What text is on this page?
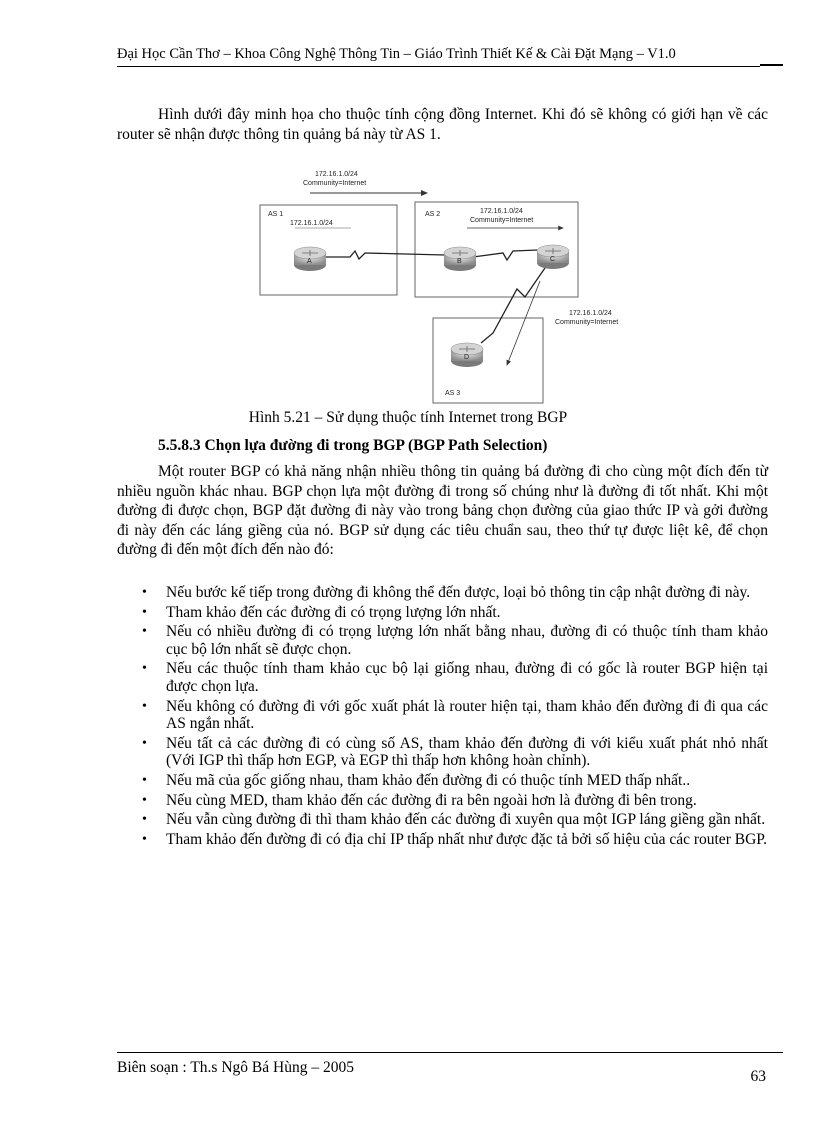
Đại Học Cần Thơ – Khoa Công Nghệ Thông Tin – Giáo Trình Thiết Kế & Cài Đặt Mạng – V1.0

Hình dưới đây minh họa cho thuộc tính cộng đồng Internet. Khi đó sẽ không có giới hạn về các router sẽ nhận được thông tin quảng bá này từ AS 1.

172.16.1.0/24
Community=Internet
AS 1
172.16.1.0/24
AS 2	172.16.1.0/24
Community=Internet
AS 3
172.16.1.0/24
Community=Internet
A	B	C
D
Hình 5.21 – Sử dụng thuộc tính Internet trong BGP
5.5.8.3 Chọn lựa đường đi trong BGP (BGP Path Selection)

Một router BGP có khả năng nhận nhiều thông tin quảng bá đường đi cho cùng một đích đến từ nhiều nguồn khác nhau. BGP chọn lựa một đường đi trong số chúng như là đường đi tốt nhất. Khi một đường đi được chọn, BGP đặt đường đi này vào trong bảng chọn đường của giao thức IP và gởi đường đi này đến các láng giềng của nó. BGP sử dụng các tiêu chuẩn sau, theo thứ tự được liệt kê, để chọn đường đi đến một đích đến nào đó:

• Nếu bước kế tiếp trong đường đi không thể đến được, loại bỏ thông tin cập nhật đường đi này.
• Tham khảo đến các đường đi có trọng lượng lớn nhất.
• Nếu có nhiều đường đi có trọng lượng lớn nhất bằng nhau, đường đi có thuộc tính tham khảo cục bộ lớn nhất sẽ được chọn.
• Nếu các thuộc tính tham khảo cục bộ lại giống nhau, đường đi có gốc là router BGP hiện tại được chọn lựa.
• Nếu không có đường đi với gốc xuất phát là router hiện tại, tham khảo đến đường đi đi qua các AS ngắn nhất.
• Nếu tất cả các đường đi có cùng số AS, tham khảo đến đường đi với kiểu xuất phát nhỏ nhất (Với IGP thì thấp hơn EGP, và EGP thì thấp hơn không hoàn chỉnh).
• Nếu mã của gốc giống nhau, tham khảo đến đường đi có thuộc tính MED thấp nhất..
• Nếu cùng MED, tham khảo đến các đường đi ra bên ngoài hơn là đường đi bên trong.
• Nếu vẫn cùng đường đi thì tham khảo đến các đường đi xuyên qua một IGP láng giềng gần nhất.
• Tham khảo đến đường đi có địa chỉ IP thấp nhất như được đặc tả bởi số hiệu của các router BGP.
Biên soạn : Th.s Ngô Bá Hùng – 2005
63
